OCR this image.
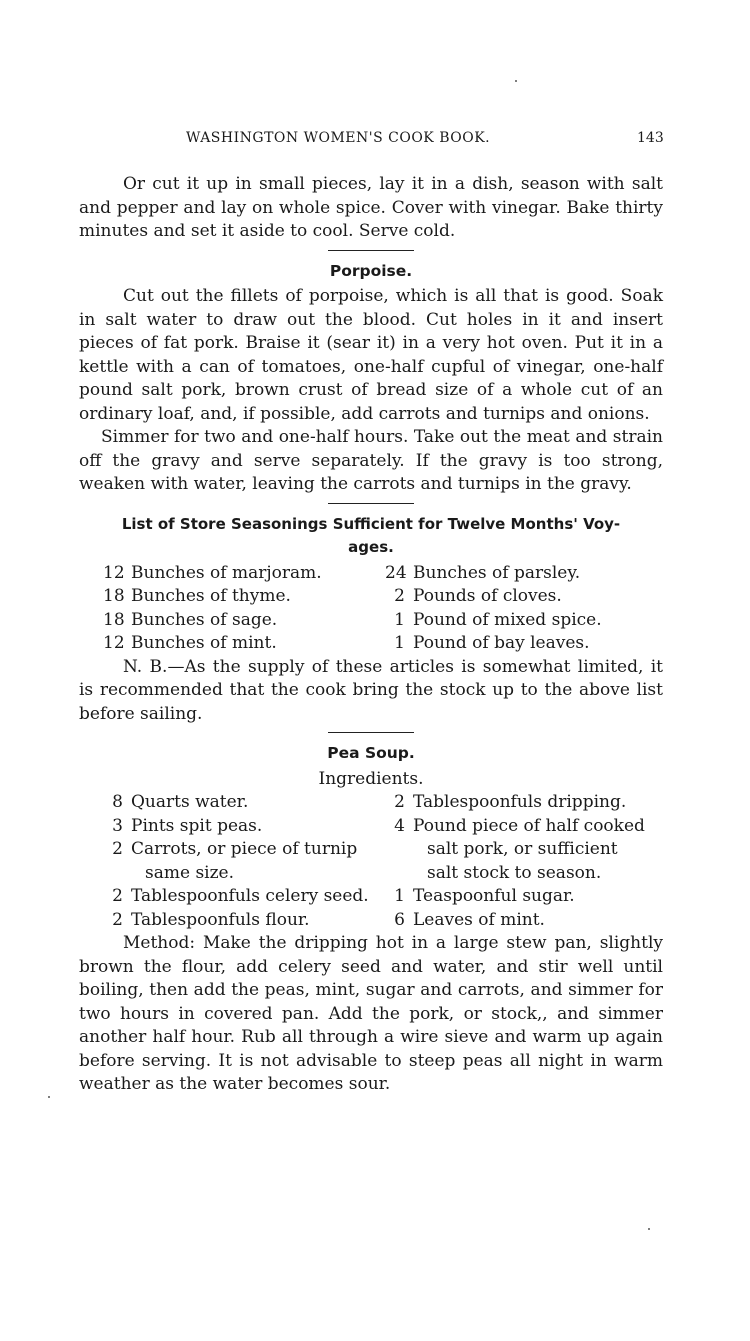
WASHINGTON WOMEN'S COOK BOOK.	143

Or cut it up in small pieces, lay it in a dish, season with salt and pepper and lay on whole spice. Cover with vinegar. Bake thirty minutes and set it aside to cool. Serve cold.

Porpoise.

Cut out the fillets of porpoise, which is all that is good. Soak in salt water to draw out the blood. Cut holes in it and insert pieces of fat pork. Braise it (sear it) in a very hot oven. Put it in a kettle with a can of tomatoes, one-half cupful of vinegar, one-half pound salt pork, brown crust of bread size of a whole cut of an ordinary loaf, and, if possible, add carrots and turnips and onions.

Simmer for two and one-half hours. Take out the meat and strain off the gravy and serve separately. If the gravy is too strong, weaken with water, leaving the carrots and turnips in the gravy.

List of Store Seasonings Sufficient for Twelve Months' Voy-
ages.
12 Bunches of marjoram.	24 Bunches of parsley.
18 Bunches of thyme.	2 Pounds of cloves.
18 Bunches of sage.	1 Pound of mixed spice.
12 Bunches of mint.	1 Pound of bay leaves.

N. B.—As the supply of these articles is somewhat limited, it is recommended that the cook bring the stock up to the above list before sailing.

Pea Soup.
Ingredients.
8 Quarts water.	2 Tablespoonfuls dripping.
3 Pints spit peas.	4 Pound piece of half cooked
2 Carrots, or piece of turnip	salt pork, or sufficient
same size.	salt stock to season.
2 Tablespoonfuls celery seed.	1 Teaspoonful sugar.
2 Tablespoonfuls flour.	6 Leaves of mint.

Method: Make the dripping hot in a large stew pan, slightly brown the flour, add celery seed and water, and stir well until boiling, then add the peas, mint, sugar and carrots, and simmer for two hours in covered pan. Add the pork, or stock,, and simmer another half hour. Rub all through a wire sieve and warm up again before serving. It is not advisable to steep peas all night in warm weather as the water becomes sour.
